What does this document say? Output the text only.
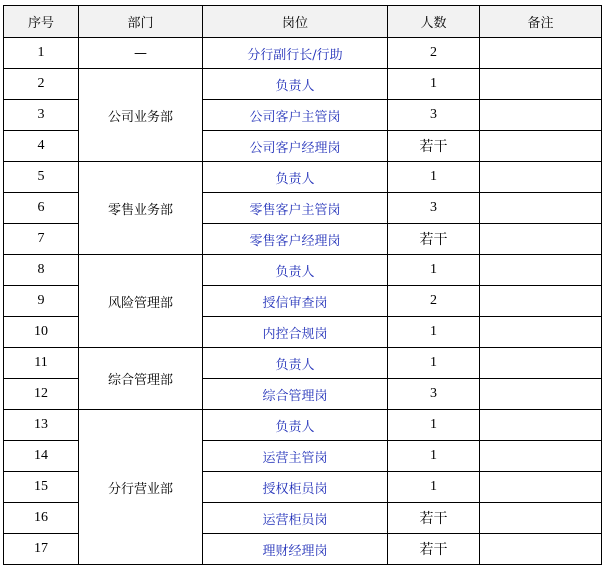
序号	部门	岗位	人数	备注
1	—	分行副行长/行助	2	
2	公司业务部	负责人	1	
3		公司客户主管岗	3	
4		公司客户经理岗	若干	
5	零售业务部	负责人	1	
6		零售客户主管岗	3	
7		零售客户经理岗	若干	
8	风险管理部	负责人	1	
9		授信审查岗	2	
10		内控合规岗	1	
11	综合管理部	负责人	1	
12		综合管理岗	3	
13	分行营业部	负责人	1	
14		运营主管岗	1	
15		授权柜员岗	1	
16		运营柜员岗	若干	
17		理财经理岗	若干	
